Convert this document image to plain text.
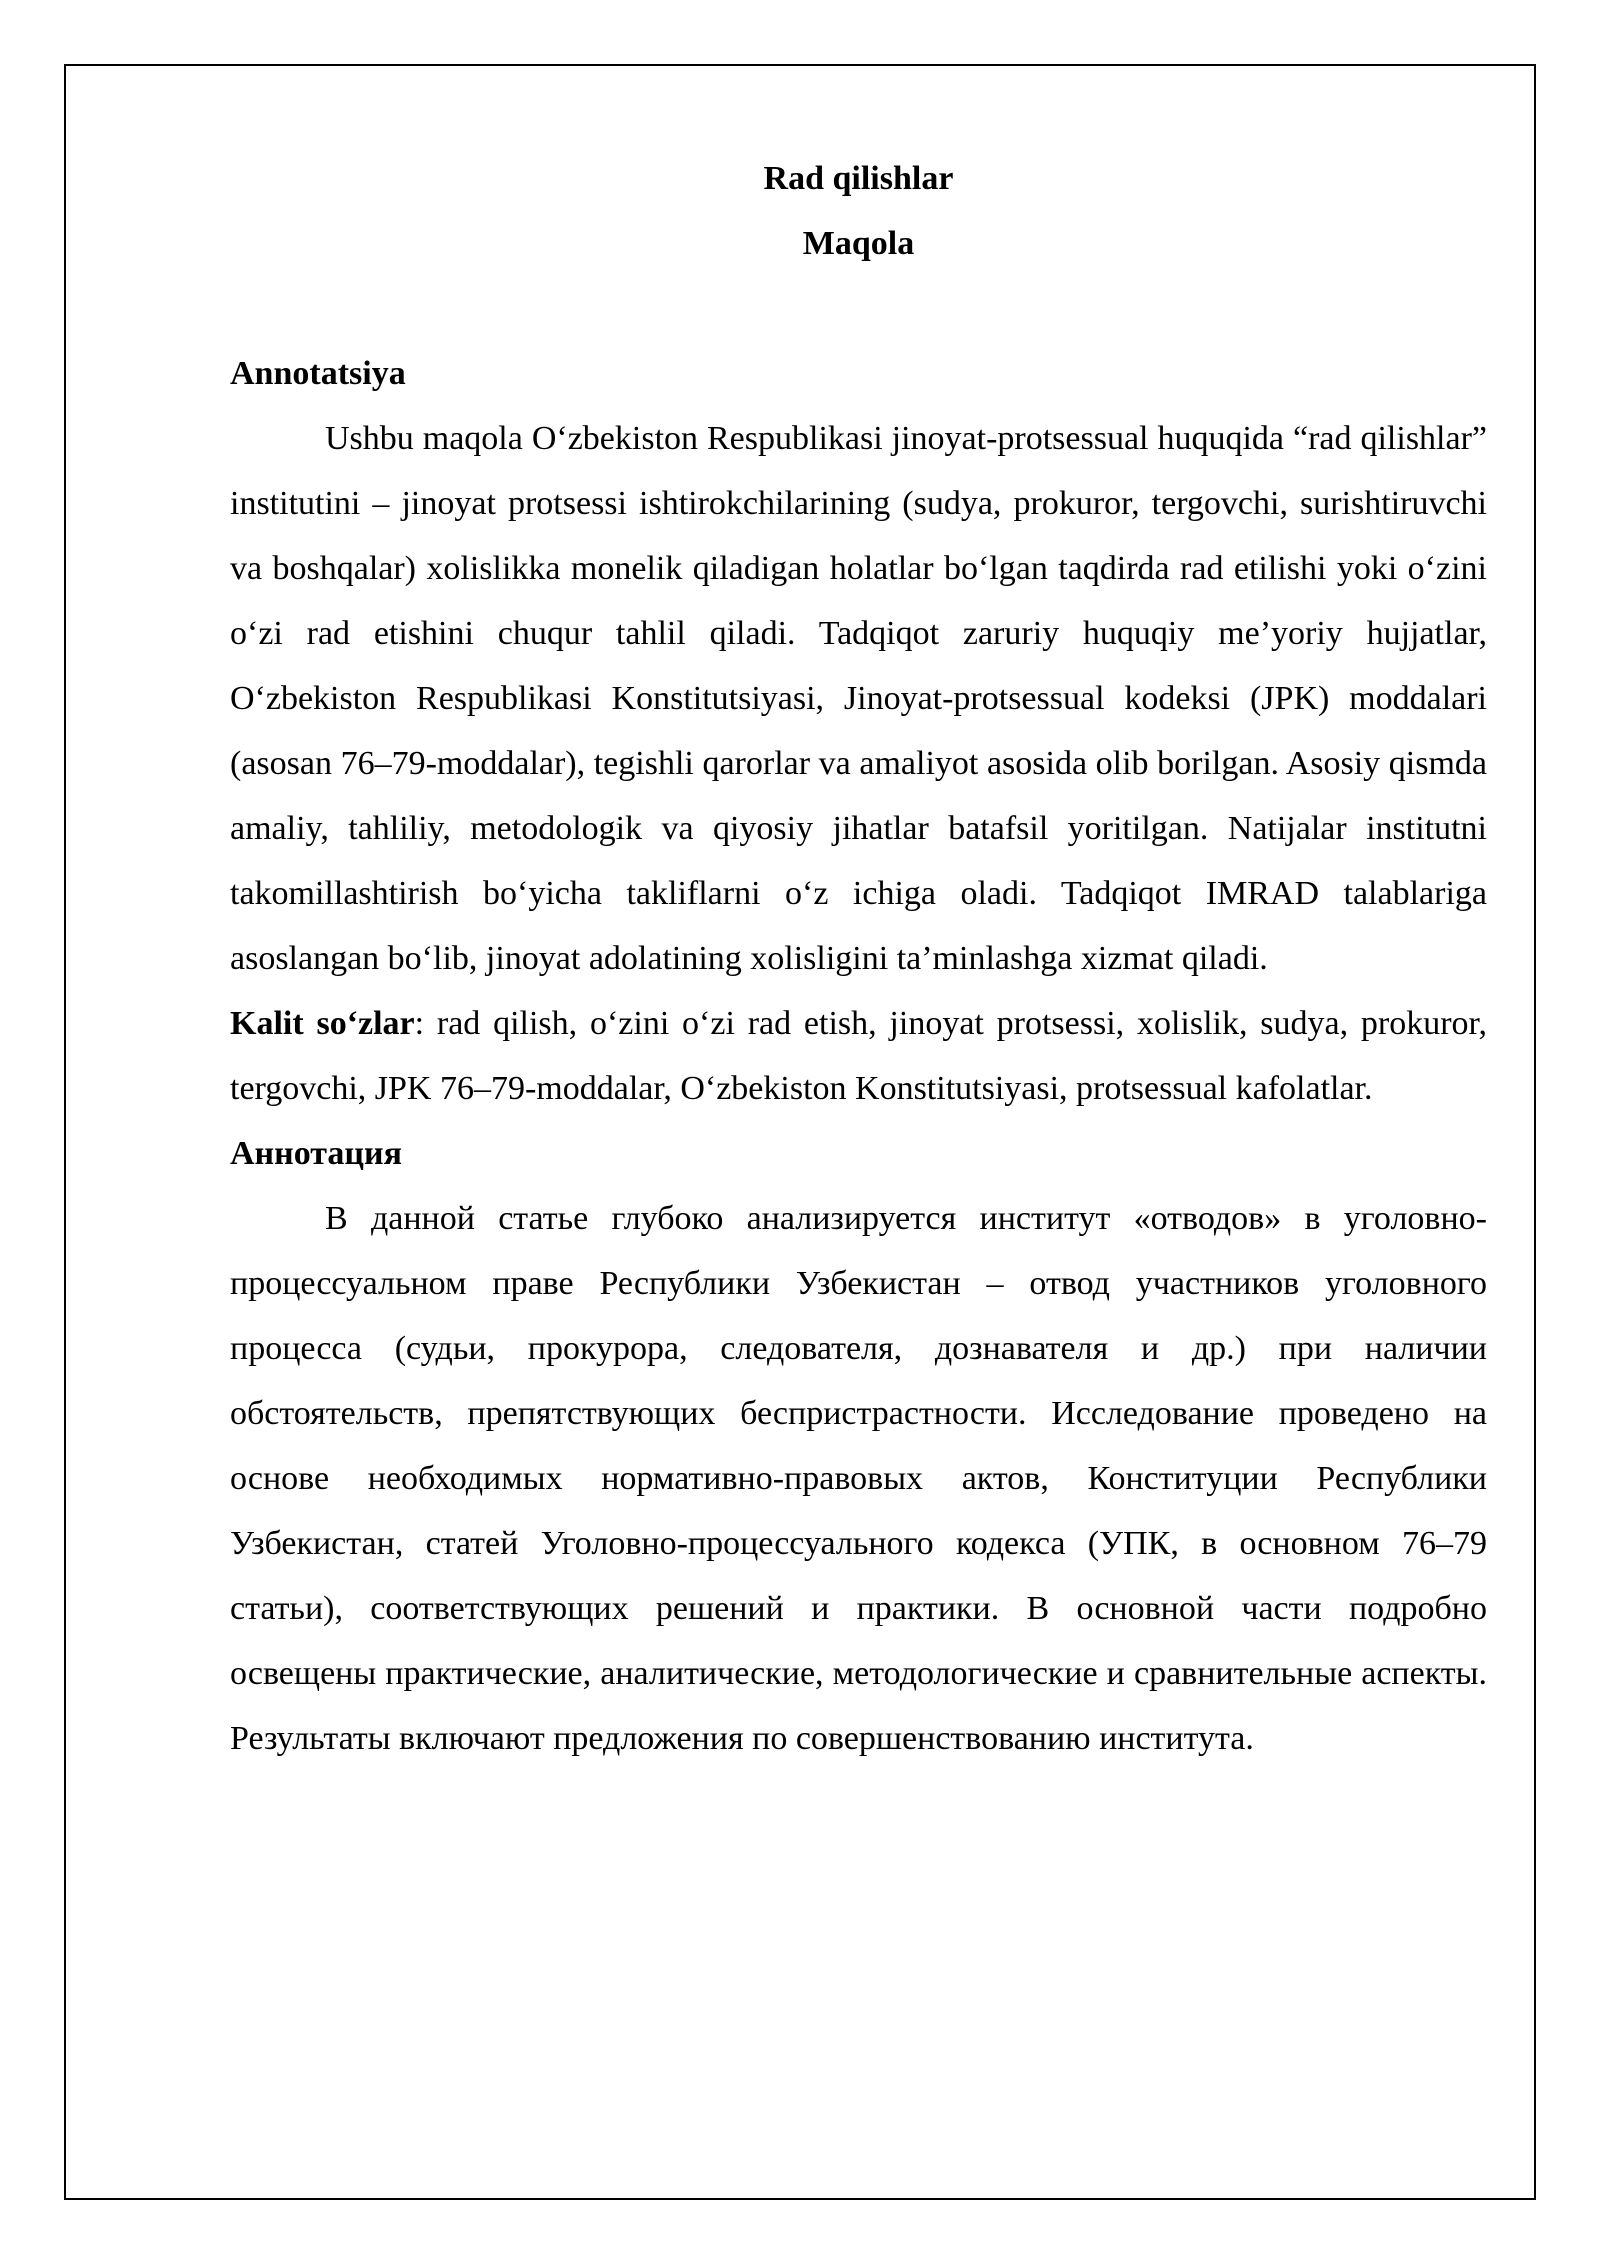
Rad qilishlar

Maqola

Annotatsiya

Ushbu maqola O‘zbekiston Respublikasi jinoyat-protsessual huquqida “rad qilishlar” institutini – jinoyat protsessi ishtirokchilarining (sudya, prokuror, tergovchi, surishtiruvchi va boshqalar) xolislikka monelik qiladigan holatlar bo‘lgan taqdirda rad etilishi yoki o‘zini o‘zi rad etishini chuqur tahlil qiladi. Tadqiqot zaruriy huquqiy me’yoriy hujjatlar, O‘zbekiston Respublikasi Konstitutsiyasi, Jinoyat-protsessual kodeksi (JPK) moddalari (asosan 76–79-moddalar), tegishli qarorlar va amaliyot asosida olib borilgan. Asosiy qismda amaliy, tahliliy, metodologik va qiyosiy jihatlar batafsil yoritilgan. Natijalar institutni takomillashtirish bo‘yicha takliflarni o‘z ichiga oladi. Tadqiqot IMRAD talablariga asoslangan bo‘lib, jinoyat adolatining xolisligini ta’minlashga xizmat qiladi.

Kalit so‘zlar: rad qilish, o‘zini o‘zi rad etish, jinoyat protsessi, xolislik, sudya, prokuror, tergovchi, JPK 76–79-moddalar, O‘zbekiston Konstitutsiyasi, protsessual kafolatlar.

Аннотация

В данной статье глубоко анализируется институт «отводов» в уголовно-процессуальном праве Республики Узбекистан – отвод участников уголовного процесса (судьи, прокурора, следователя, дознавателя и др.) при наличии обстоятельств, препятствующих беспристрастности. Исследование проведено на основе необходимых нормативно-правовых актов, Конституции Республики Узбекистан, статей Уголовно-процессуального кодекса (УПК, в основном 76–79 статьи), соответствующих решений и практики. В основной части подробно освещены практические, аналитические, методологические и сравнительные аспекты. Результаты включают предложения по совершенствованию института.
